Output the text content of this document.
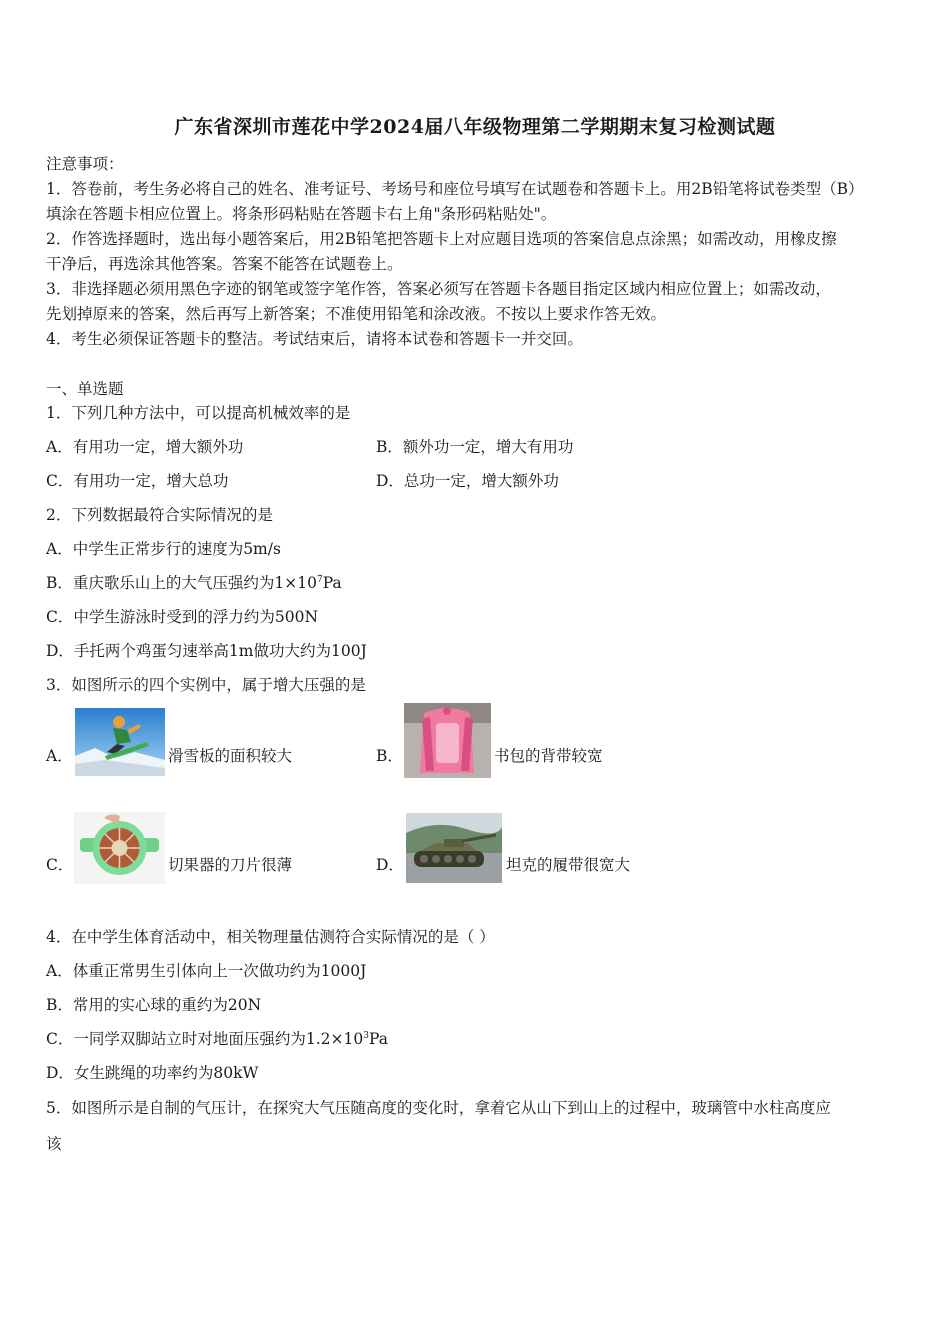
广东省深圳市莲花中学2024届八年级物理第二学期期末复习检测试题
注意事项：
1．答卷前，考生务必将自己的姓名、准考证号、考场号和座位号填写在试题卷和答题卡上。用2B铅笔将试卷类型（B）
填涂在答题卡相应位置上。将条形码粘贴在答题卡右上角"条形码粘贴处"。
2．作答选择题时，选出每小题答案后，用2B铅笔把答题卡上对应题目选项的答案信息点涂黑；如需改动，用橡皮擦
干净后，再选涂其他答案。答案不能答在试题卷上。
3．非选择题必须用黑色字迹的钢笔或签字笔作答，答案必须写在答题卡各题目指定区域内相应位置上；如需改动，
先划掉原来的答案，然后再写上新答案；不准使用铅笔和涂改液。不按以上要求作答无效。
4．考生必须保证答题卡的整洁。考试结束后，请将本试卷和答题卡一并交回。
一、单选题
1．下列几种方法中，可以提高机械效率的是
A．有用功一定，增大额外功	B．额外功一定，增大有用功
C．有用功一定，增大总功	D．总功一定，增大额外功
2．下列数据最符合实际情况的是
A．中学生正常步行的速度为5m/s
B．重庆歌乐山上的大气压强约为$1\times 10^7Pa$
C．中学生游泳时受到的浮力约为500N
D．手托两个鸡蛋匀速举高1m做功大约为100J
3．如图所示的四个实例中，属于增大压强的是
A．	滑雪板的面积较大	B．	书包的背带较宽
C．	切果器的刀片很薄	D．	坦克的履带很宽大
4．在中学生体育活动中，相关物理量估测符合实际情况的是（ ）
A．体重正常男生引体向上一次做功约为1000J
B．常用的实心球的重约为20N
C．一同学双脚站立时对地面压强约为$1.2\times 10^3Pa$
D．女生跳绳的功率约为80kW
5．如图所示是自制的气压计，在探究大气压随高度的变化时，拿着它从山下到山上的过程中，玻璃管中水柱高度应
该
